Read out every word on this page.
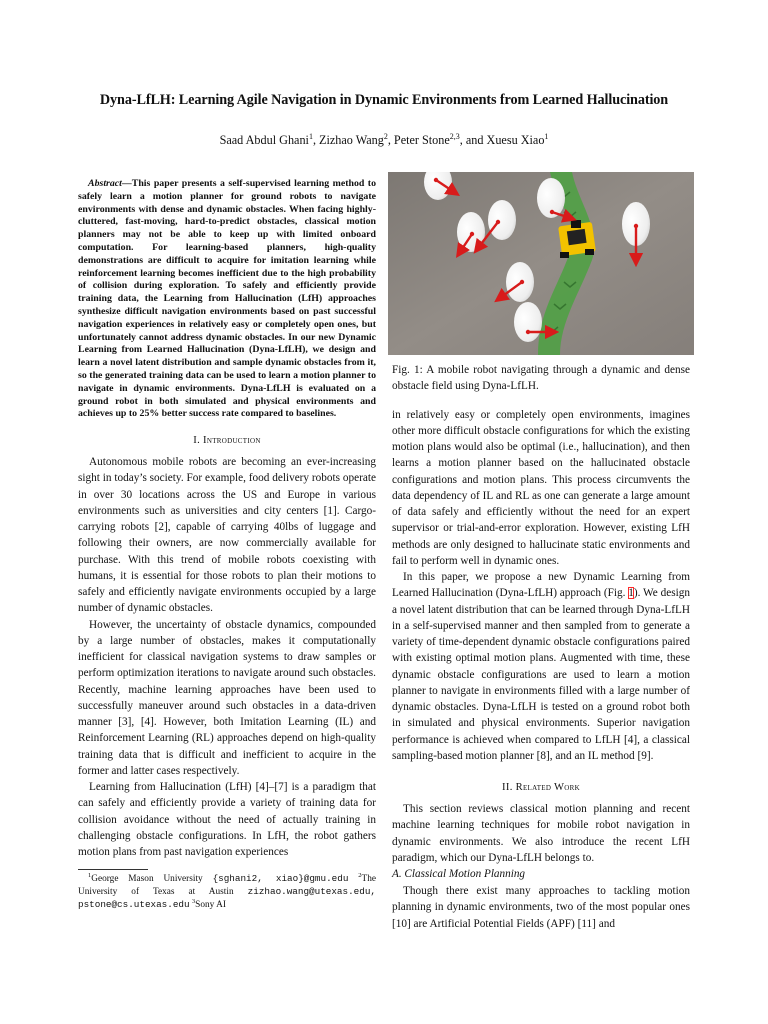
Dyna-LfLH: Learning Agile Navigation in Dynamic Environments from Learned Hallucination
Saad Abdul Ghani$^1$, Zizhao Wang$^2$, Peter Stone$^{2,3}$, and Xuesu Xiao$^1$

Abstract—This paper presents a self-supervised learning method to safely learn a motion planner for ground robots to navigate environments with dense and dynamic obstacles. When facing highly-cluttered, fast-moving, hard-to-predict obstacles, classical motion planners may not be able to keep up with limited onboard computation. For learning-based planners, high-quality demonstrations are difficult to acquire for imitation learning while reinforcement learning becomes inefficient due to the high probability of collision during exploration. To safely and efficiently provide training data, the Learning from Hallucination (LfH) approaches synthesize difficult navigation environments based on past successful navigation experiences in relatively easy or completely open ones, but unfortunately cannot address dynamic obstacles. In our new Dynamic Learning from Learned Hallucination (Dyna-LfLH), we design and learn a novel latent distribution and sample dynamic obstacles from it, so the generated training data can be used to learn a motion planner to navigate in dynamic environments. Dyna-LfLH is evaluated on a ground robot in both simulated and physical environments and achieves up to 25% better success rate compared to baselines.

I. Introduction

Autonomous mobile robots are becoming an ever-increasing sight in today’s society. For example, food delivery robots operate in over 30 locations across the US and Europe in various environments such as universities and city centers [1]. Cargo-carrying robots [2], capable of carrying 40lbs of luggage and following their owners, are now commercially available for purchase. With this trend of mobile robots coexisting with humans, it is essential for those robots to plan their motions to safely and efficiently navigate environments occupied by a large number of dynamic obstacles.

However, the uncertainty of obstacle dynamics, compounded by a large number of obstacles, makes it computationally inefficient for classical navigation systems to draw samples or perform optimization iterations to navigate around such obstacles. Recently, machine learning approaches have been used to successfully maneuver around such obstacles in a data-driven manner [3], [4]. However, both Imitation Learning (IL) and Reinforcement Learning (RL) approaches depend on high-quality training data that is difficult and inefficient to acquire in the former and latter cases respectively.

Learning from Hallucination (LfH) [4]–[7] is a paradigm that can safely and efficiently provide a variety of training data for collision avoidance without the need of actually training in challenging obstacle configurations. In LfH, the robot gathers motion plans from past navigation experiences

$^1$George Mason University {sghani2, xiao}@gmu.edu $^2$The University of Texas at Austin zizhao.wang@utexas.edu, pstone@cs.utexas.edu $^3$Sony AI

Fig. 1: A mobile robot navigating through a dynamic and dense obstacle field using Dyna-LfLH.

in relatively easy or completely open environments, imagines other more difficult obstacle configurations for which the existing motion plans would also be optimal (i.e., hallucination), and then learns a motion planner based on the hallucinated obstacle configurations and motion plans. This process circumvents the data dependency of IL and RL as one can generate a large amount of data safely and efficiently without the need for an expert supervisor or trial-and-error exploration. However, existing LfH methods are only designed to hallucinate static environments and fail to perform well in dynamic ones.

In this paper, we propose a new Dynamic Learning from Learned Hallucination (Dyna-LfLH) approach (Fig. 1). We design a novel latent distribution that can be learned through Dyna-LfLH in a self-supervised manner and then sampled from to generate a variety of time-dependent dynamic obstacle configurations paired with existing optimal motion plans. Augmented with time, these dynamic obstacle configurations are used to learn a motion planner to navigate in environments filled with a large number of dynamic obstacles. Dyna-LfLH is tested on a ground robot both in simulated and physical environments. Superior navigation performance is achieved when compared to LfLH [4], a classical sampling-based motion planner [8], and an IL method [9].

II. Related Work

This section reviews classical motion planning and recent machine learning techniques for mobile robot navigation in dynamic environments. We also introduce the recent LfH paradigm, which our Dyna-LfLH belongs to.

A. Classical Motion Planning

Though there exist many approaches to tackling motion planning in dynamic environments, two of the most popular ones [10] are Artificial Potential Fields (APF) [11] and
